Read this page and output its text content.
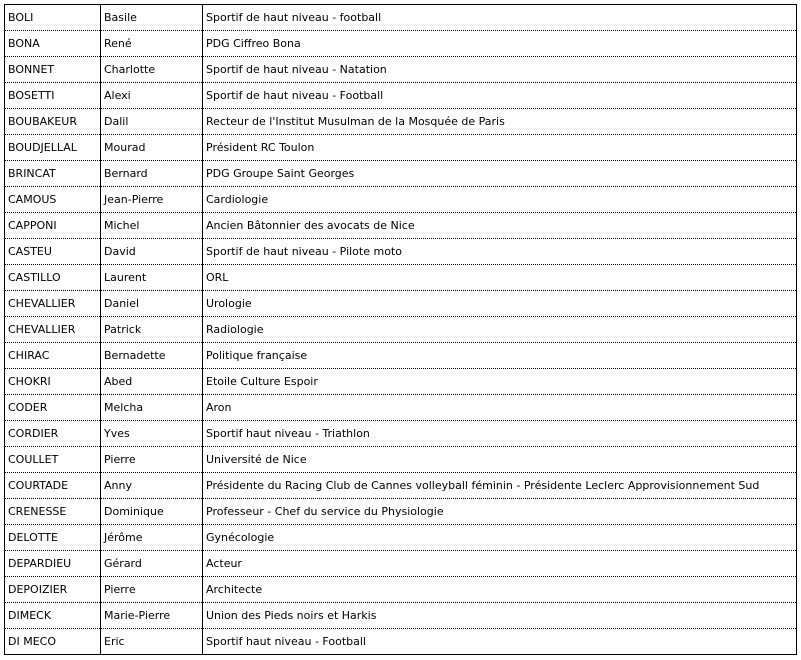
BOLI	Basile	Sportif de haut niveau - football
BONA	René	PDG Ciffreo Bona
BONNET	Charlotte	Sportif de haut niveau - Natation
BOSETTI	Alexi	Sportif de haut niveau - Football
BOUBAKEUR	Dalil	Recteur de l'Institut Musulman de la Mosquée de Paris
BOUDJELLAL	Mourad	Président RC Toulon
BRINCAT	Bernard	PDG Groupe Saint Georges
CAMOUS	Jean-Pierre	Cardiologie
CAPPONI	Michel	Ancien Bâtonnier des avocats de Nice
CASTEU	David	Sportif de haut niveau - Pilote moto
CASTILLO	Laurent	ORL
CHEVALLIER	Daniel	Urologie
CHEVALLIER	Patrick	Radiologie
CHIRAC	Bernadette	Politique française
CHOKRI	Abed	Etoile Culture Espoir
CODER	Melcha	Aron
CORDIER	Yves	Sportif haut niveau - Triathlon
COULLET	Pierre	Université de Nice
COURTADE	Anny	Présidente du Racing Club de Cannes volleyball féminin - Présidente Leclerc Approvisionnement Sud
CRENESSE	Dominique	Professeur - Chef du service du Physiologie
DELOTTE	Jérôme	Gynécologie
DEPARDIEU	Gérard	Acteur
DEPOIZIER	Pierre	Architecte
DIMECK	Marie-Pierre	Union des Pieds noirs et Harkis
DI MECO	Eric	Sportif haut niveau - Football
